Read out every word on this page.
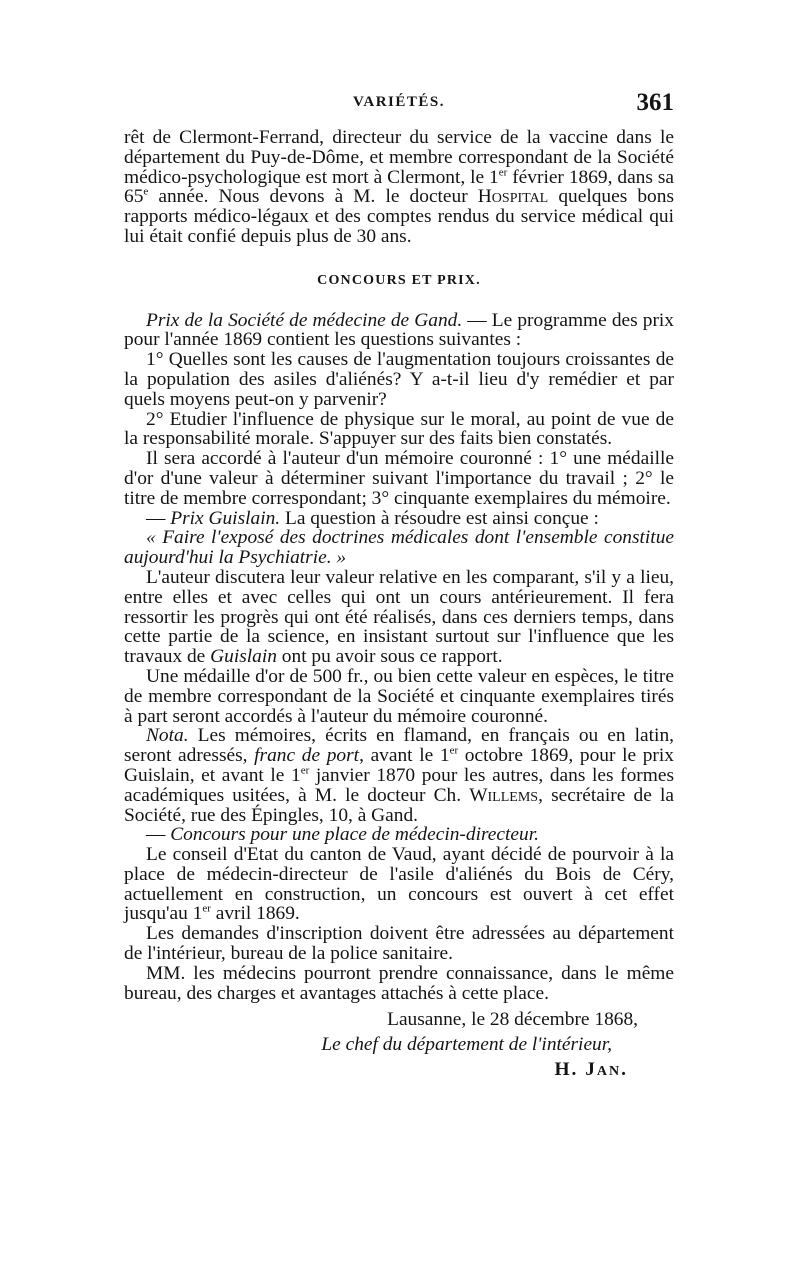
VARIÉTÉS.	361

rêt de Clermont-Ferrand, directeur du service de la vaccine dans le département du Puy-de-Dôme, et membre correspondant de la Société médico-psychologique est mort à Clermont, le 1er février 1869, dans sa 65e année. Nous devons à M. le docteur Hospital quelques bons rapports médico-légaux et des comptes rendus du service médical qui lui était confié depuis plus de 30 ans.

CONCOURS ET PRIX.

Prix de la Société de médecine de Gand. — Le programme des prix pour l'année 1869 contient les questions suivantes :

1° Quelles sont les causes de l'augmentation toujours croissantes de la population des asiles d'aliénés? Y a-t-il lieu d'y remédier et par quels moyens peut-on y parvenir?

2° Etudier l'influence de physique sur le moral, au point de vue de la responsabilité morale. S'appuyer sur des faits bien constatés.

Il sera accordé à l'auteur d'un mémoire couronné : 1° une médaille d'or d'une valeur à déterminer suivant l'importance du travail ; 2° le titre de membre correspondant; 3° cinquante exemplaires du mémoire.

— Prix Guislain. La question à résoudre est ainsi conçue :

« Faire l'exposé des doctrines médicales dont l'ensemble constitue aujourd'hui la Psychiatrie. »

L'auteur discutera leur valeur relative en les comparant, s'il y a lieu, entre elles et avec celles qui ont un cours antérieurement. Il fera ressortir les progrès qui ont été réalisés, dans ces derniers temps, dans cette partie de la science, en insistant surtout sur l'influence que les travaux de Guislain ont pu avoir sous ce rapport.

Une médaille d'or de 500 fr., ou bien cette valeur en espèces, le titre de membre correspondant de la Société et cinquante exemplaires tirés à part seront accordés à l'auteur du mémoire couronné.

Nota. Les mémoires, écrits en flamand, en français ou en latin, seront adressés, franc de port, avant le 1er octobre 1869, pour le prix Guislain, et avant le 1er janvier 1870 pour les autres, dans les formes académiques usitées, à M. le docteur Ch. Willems, secrétaire de la Société, rue des Épingles, 10, à Gand.

— Concours pour une place de médecin-directeur.

Le conseil d'Etat du canton de Vaud, ayant décidé de pourvoir à la place de médecin-directeur de l'asile d'aliénés du Bois de Céry, actuellement en construction, un concours est ouvert à cet effet jusqu'au 1er avril 1869.

Les demandes d'inscription doivent être adressées au département de l'intérieur, bureau de la police sanitaire.

MM. les médecins pourront prendre connaissance, dans le même bureau, des charges et avantages attachés à cette place.

Lausanne, le 28 décembre 1868,

Le chef du département de l'intérieur,

H. Jan.
